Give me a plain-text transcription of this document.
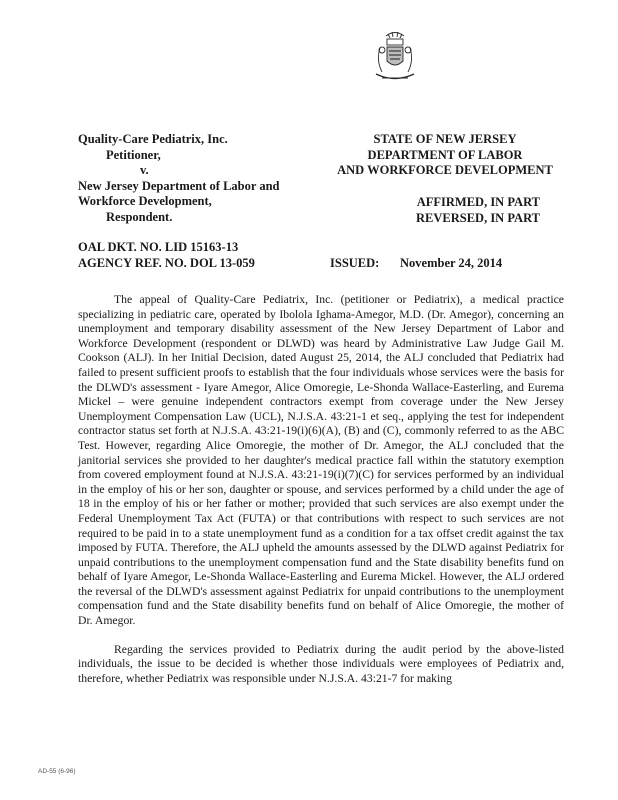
Quality-Care Pediatrix, Inc.
Petitioner,
v.
New Jersey Department of Labor and
Workforce Development,
Respondent.
STATE OF NEW JERSEY
DEPARTMENT OF LABOR
AND WORKFORCE DEVELOPMENT
AFFIRMED, IN PART
REVERSED, IN PART
OAL DKT. NO. LID 15163-13
AGENCY REF. NO. DOL 13-059	ISSUED: November 24, 2014

The appeal of Quality-Care Pediatrix, Inc. (petitioner or Pediatrix), a medical practice specializing in pediatric care, operated by Ibolola Ighama-Amegor, M.D. (Dr. Amegor), concerning an unemployment and temporary disability assessment of the New Jersey Department of Labor and Workforce Development (respondent or DLWD) was heard by Administrative Law Judge Gail M. Cookson (ALJ). In her Initial Decision, dated August 25, 2014, the ALJ concluded that Pediatrix had failed to present sufficient proofs to establish that the four individuals whose services were the basis for the DLWD's assessment - Iyare Amegor, Alice Omoregie, Le-Shonda Wallace-Easterling, and Eurema Mickel – were genuine independent contractors exempt from coverage under the New Jersey Unemployment Compensation Law (UCL), N.J.S.A. 43:21-1 et seq., applying the test for independent contractor status set forth at N.J.S.A. 43:21-19(i)(6)(A), (B) and (C), commonly referred to as the ABC Test. However, regarding Alice Omoregie, the mother of Dr. Amegor, the ALJ concluded that the janitorial services she provided to her daughter's medical practice fall within the statutory exemption from covered employment found at N.J.S.A. 43:21-19(i)(7)(C) for services performed by an individual in the employ of his or her son, daughter or spouse, and services performed by a child under the age of 18 in the employ of his or her father or mother; provided that such services are also exempt under the Federal Unemployment Tax Act (FUTA) or that contributions with respect to such services are not required to be paid in to a state unemployment fund as a condition for a tax offset credit against the tax imposed by FUTA. Therefore, the ALJ upheld the amounts assessed by the DLWD against Pediatrix for unpaid contributions to the unemployment compensation fund and the State disability benefits fund on behalf of Iyare Amegor, Le-Shonda Wallace-Easterling and Eurema Mickel. However, the ALJ ordered the reversal of the DLWD's assessment against Pediatrix for unpaid contributions to the unemployment compensation fund and the State disability benefits fund on behalf of Alice Omoregie, the mother of Dr. Amegor.

Regarding the services provided to Pediatrix during the audit period by the above-listed individuals, the issue to be decided is whether those individuals were employees of Pediatrix and, therefore, whether Pediatrix was responsible under N.J.S.A. 43:21-7 for making

AD-55 (6-96)
